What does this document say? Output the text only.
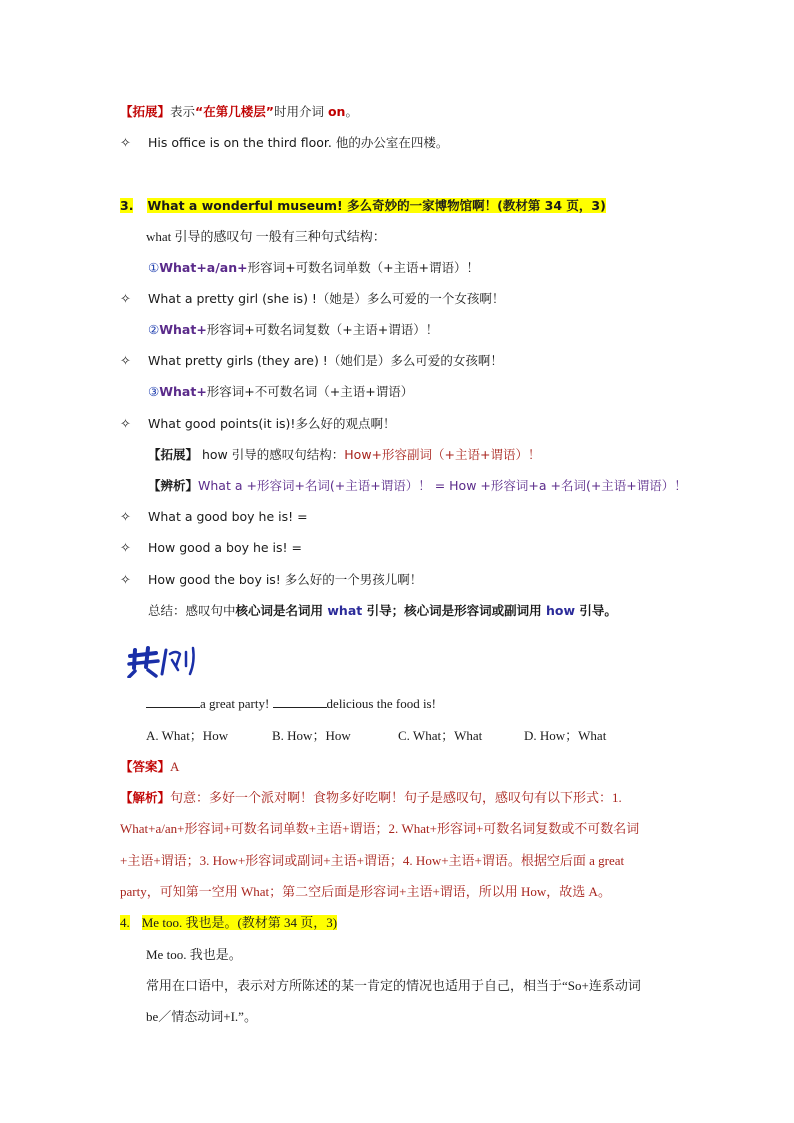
【拓展】表示“在第几楼层”时用介词 on。
✧ His office is on the third floor. 他的办公室在四楼。
3. What a wonderful museum! 多么奇妙的一家博物馆啊！(教材第 34 页，3)
what 引导的感叹句 一般有三种句式结构：
①What+a/an+形容词+可数名词单数（+主语+谓语）！
✧ What a pretty girl (she is) !（她是）多么可爱的一个女孩啊！
②What+形容词+可数名词复数（+主语+谓语）！
✧ What pretty girls (they are) !（她们是）多么可爱的女孩啊！
③What+形容词+不可数名词（+主语+谓语）
✧ What good points(it is)!多么好的观点啊！
【拓展】 how 引导的感叹句结构：How+形容副词（+主语+谓语）！
【辨析】What a +形容词+名词(+主语+谓语）！ = How +形容词+a +名词(+主语+谓语）！
✧ What a good boy he is! =
✧ How good a boy he is! =
✧ How good the boy is! 多么好的一个男孩儿啊！
总结：感叹句中核心词是名词用 what 引导；核心词是形容词或副词用 how 引导。
a great party!	delicious the food is!
A. What；How	B. How；How	C. What；What	D. How；What
【答案】A
【解析】句意：多好一个派对啊！食物多好吃啊！句子是感叹句，感叹句有以下形式：1.
What+a/an+形容词+可数名词单数+主语+谓语；2. What+形容词+可数名词复数或不可数名词
+主语+谓语；3. How+形容词或副词+主语+谓语；4. How+主语+谓语。根据空后面 a great
party，可知第一空用 What；第二空后面是形容词+主语+谓语，所以用 How，故选 A。
4. Me too. 我也是。(教材第 34 页，3)
Me too. 我也是。
常用在口语中，表示对方所陈述的某一肯定的情况也适用于自己，相当于“So+连系动词
be／情态动词+I.”。
